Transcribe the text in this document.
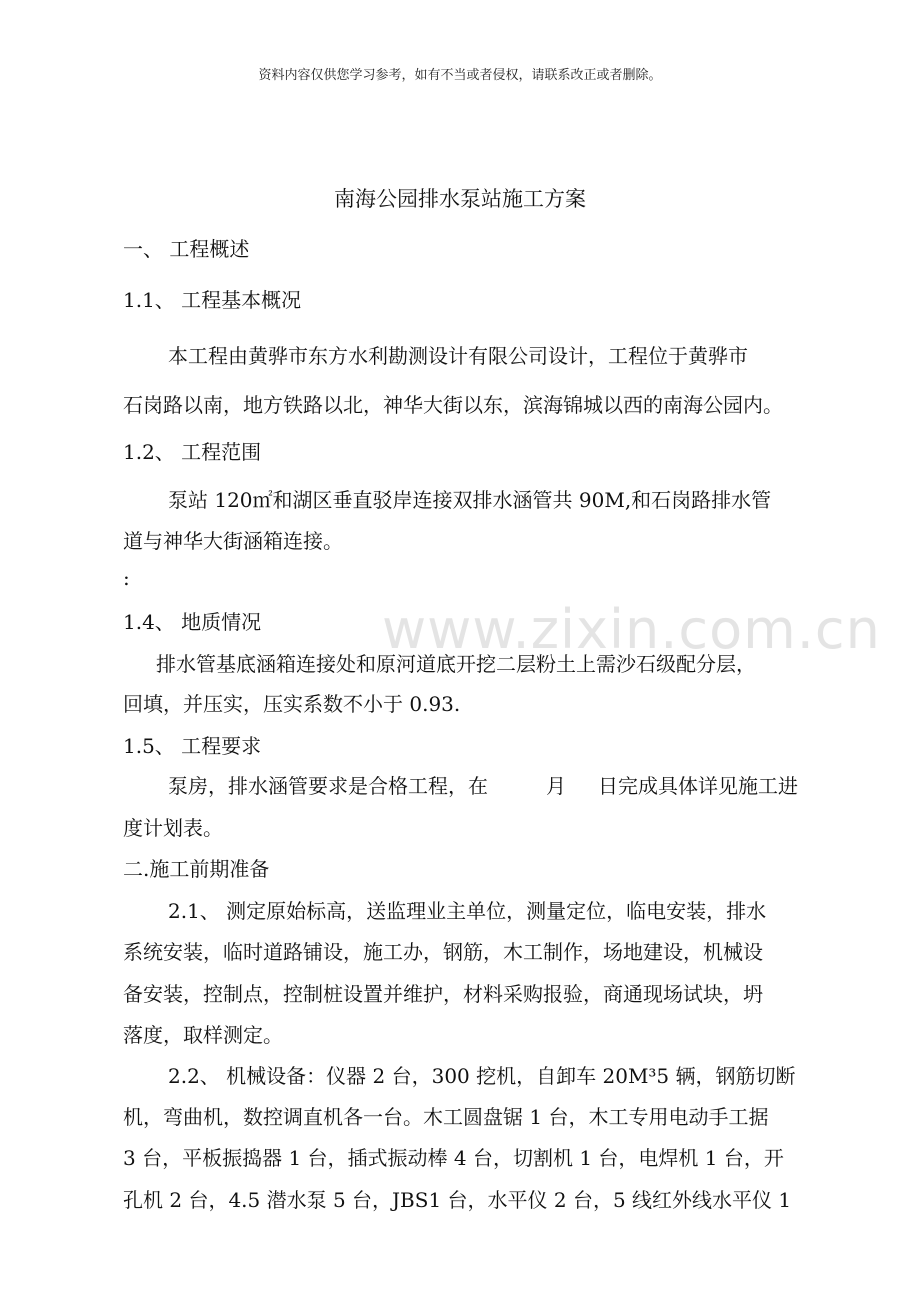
资料内容仅供您学习参考，如有不当或者侵权，请联系改正或者删除。
www.zixin.com.cn
南海公园排水泵站施工方案
一、 工程概述
1.1、 工程基本概况
本工程由黄骅市东方水利勘测设计有限公司设计，工程位于黄骅市
石岗路以南，地方铁路以北，神华大街以东，滨海锦城以西的南海公园内。
1.2、 工程范围
泵站 120㎡和湖区垂直驳岸连接双排水涵管共 90M,和石岗路排水管
道与神华大街涵箱连接。
:
1.4、 地质情况
排水管基底涵箱连接处和原河道底开挖二层粉土上需沙石级配分层，
回填，并压实，压实系数不小于 0.93.
1.5、 工程要求
泵房，排水涵管要求是合格工程，在	月 日完成具体详见施工进
度计划表。
二.施工前期准备
2.1、 测定原始标高，送监理业主单位，测量定位，临电安装，排水
系统安装，临时道路铺设，施工办，钢筋，木工制作，场地建设，机械设
备安装，控制点，控制桩设置并维护，材料采购报验，商通现场试块，坍
落度，取样测定。
2.2、 机械设备：仪器 2 台，300 挖机，自卸车 20M³5 辆，钢筋切断
机，弯曲机，数控调直机各一台。木工圆盘锯 1 台，木工专用电动手工据
3 台，平板振捣器 1 台，插式振动棒 4 台，切割机 1 台，电焊机 1 台，开
孔机 2 台，4.5 潜水泵 5 台，JBS1 台，水平仪 2 台，5 线红外线水平仪 1
